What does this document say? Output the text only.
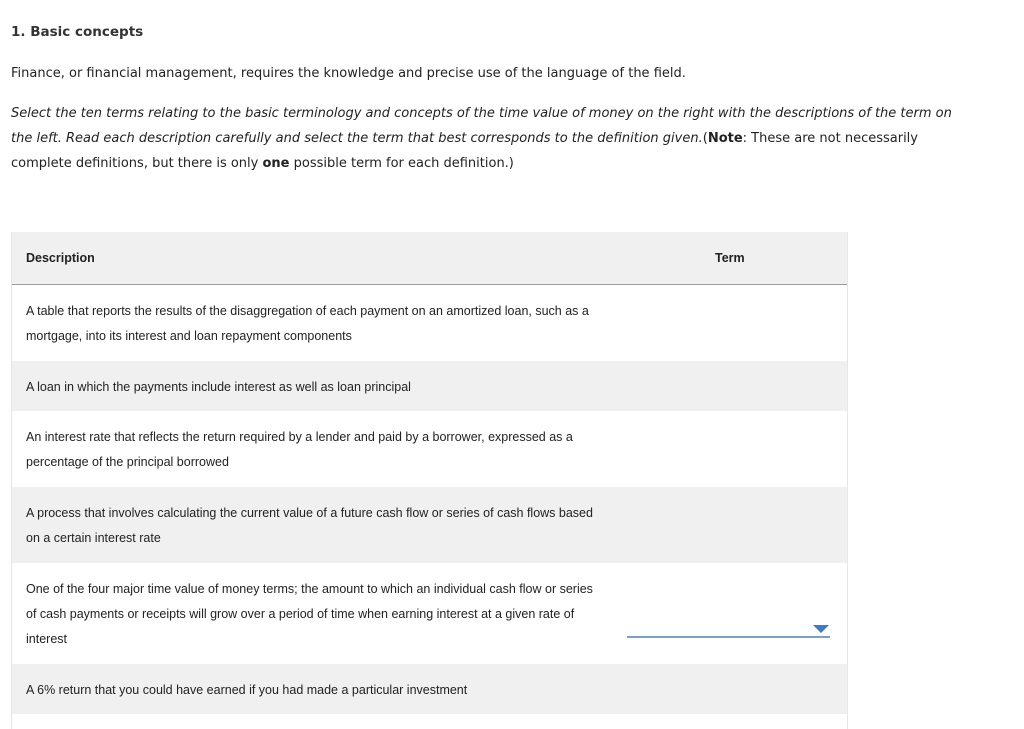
1. Basic concepts
Finance, or financial management, requires the knowledge and precise use of the language of the field.
Select the ten terms relating to the basic terminology and concepts of the time value of money on the right with the descriptions of the term on the left. Read each description carefully and select the term that best corresponds to the definition given.(Note: These are not necessarily complete definitions, but there is only one possible term for each definition.)
Description	Term
A table that reports the results of the disaggregation of each payment on an amortized loan, such as a mortgage, into its interest and loan repayment components
A loan in which the payments include interest as well as loan principal
An interest rate that reflects the return required by a lender and paid by a borrower, expressed as a percentage of the principal borrowed
A process that involves calculating the current value of a future cash flow or series of cash flows based on a certain interest rate
One of the four major time value of money terms; the amount to which an individual cash flow or series of cash payments or receipts will grow over a period of time when earning interest at a given rate of interest
A 6% return that you could have earned if you had made a particular investment
